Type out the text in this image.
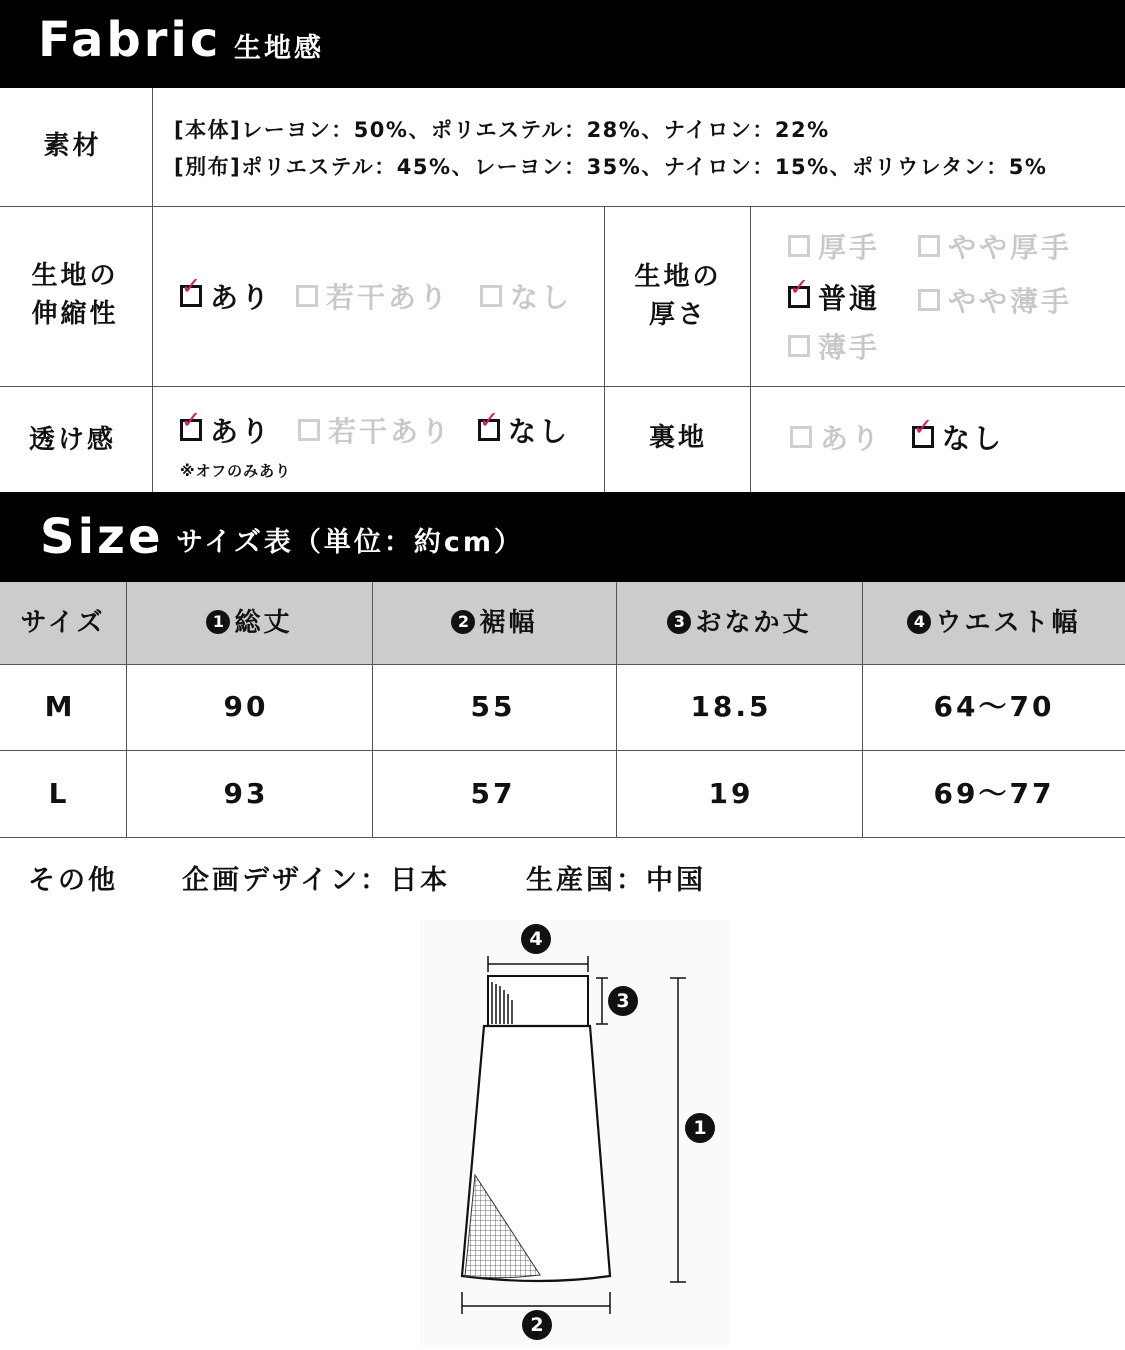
Fabric 生地感
素材
[本体]レーヨン：50%、ポリエステル：28%、ナイロン：22%
[別布]ポリエステル：45%、レーヨン：35%、ナイロン：15%、ポリウレタン：5%
生地の
伸縮性
✓ あり 若干あり なし
生地の
厚さ
厚手 やや厚手
✓ 普通 やや薄手
薄手
透け感
✓ あり 若干あり ✓ なし
※オフのみあり
裏地	あり ✓ なし
Size サイズ表（単位：約cm）
サイズ	1 総丈	2 裾幅	3 おなか丈	4 ウエスト幅
M	90	55	18.5	64～70
L	93	57	19	69～77
その他 企画デザイン：日本	生産国：中国
4
3
1
2
